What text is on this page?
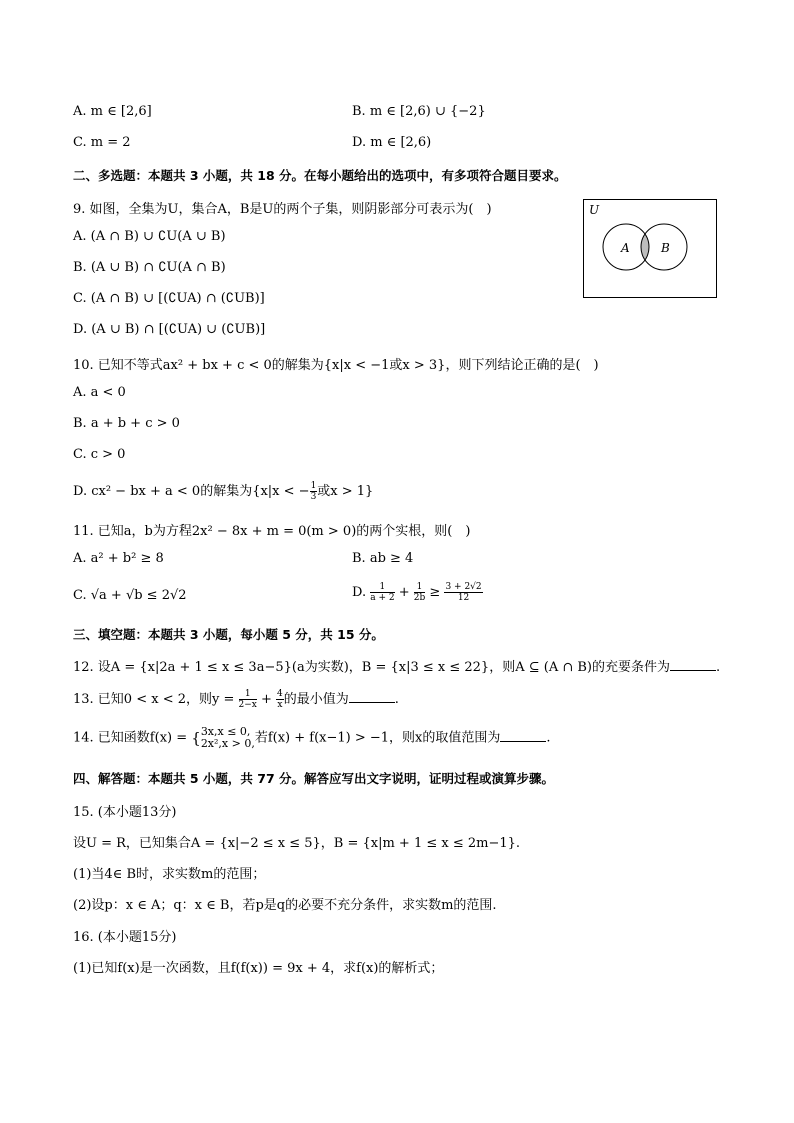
A. m ∈ [2,6]	B. m ∈ [2,6) ∪ {−2}
C. m = 2	D. m ∈ [2,6)
二、多选题：本题共 3 小题，共 18 分。在每小题给出的选项中，有多项符合题目要求。
9. 如图，全集为U，集合A，B是U的两个子集，则阴影部分可表示为(　)
A. (A ∩ B) ∪ ∁U(A ∪ B)
B. (A ∪ B) ∩ ∁U(A ∩ B)
C. (A ∩ B) ∪ [(∁UA) ∩ (∁UB)]
D. (A ∪ B) ∩ [(∁UA) ∪ (∁UB)]
U
A	B
10. 已知不等式ax² + bx + c < 0的解集为{x|x < −1或x > 3}，则下列结论正确的是(　)
A. a < 0
B. a + b + c > 0
C. c > 0
D. cx² − bx + a < 0的解集为{x|x < − $\frac{1}{3}$ 或x > 1}
11. 已知a，b为方程2x² − 8x + m = 0(m > 0)的两个实根，则(　)
A. a² + b² ≥ 8	B. ab ≥ 4
C. √a + √b ≤ 2√2	D. $\frac{1}{a + 2} + \frac{1}{2b} \ge \frac{3 + 2√2}{12}$
三、填空题：本题共 3 小题，每小题 5 分，共 15 分。
12. 设A = {x|2a + 1 ≤ x ≤ 3a−5}(a为实数)，B = {x|3 ≤ x ≤ 22}，则A ⊆ (A ∩ B)的充要条件为	.
13. 已知0 < x < 2，则$y = \frac{1}{2-x} + \frac{4}{x}$ 的最小值为	.
14. 已知函数f(x) = { 3x,x ≤ 0,
2x²,x > 0, 若f(x) + f(x−1) > −1，则x的取值范围为	.
四、解答题：本题共 5 小题，共 77 分。解答应写出文字说明，证明过程或演算步骤。
15. (本小题13分)
设U = R，已知集合A = {x|−2 ≤ x ≤ 5}，B = {x|m + 1 ≤ x ≤ 2m−1}.
(1)当4∈ B时，求实数m的范围；
(2)设p：x ∈ A；q：x ∈ B，若p是q的必要不充分条件，求实数m的范围.
16. (本小题15分)
(1)已知f(x)是一次函数，且f(f(x)) = 9x + 4，求f(x)的解析式；
